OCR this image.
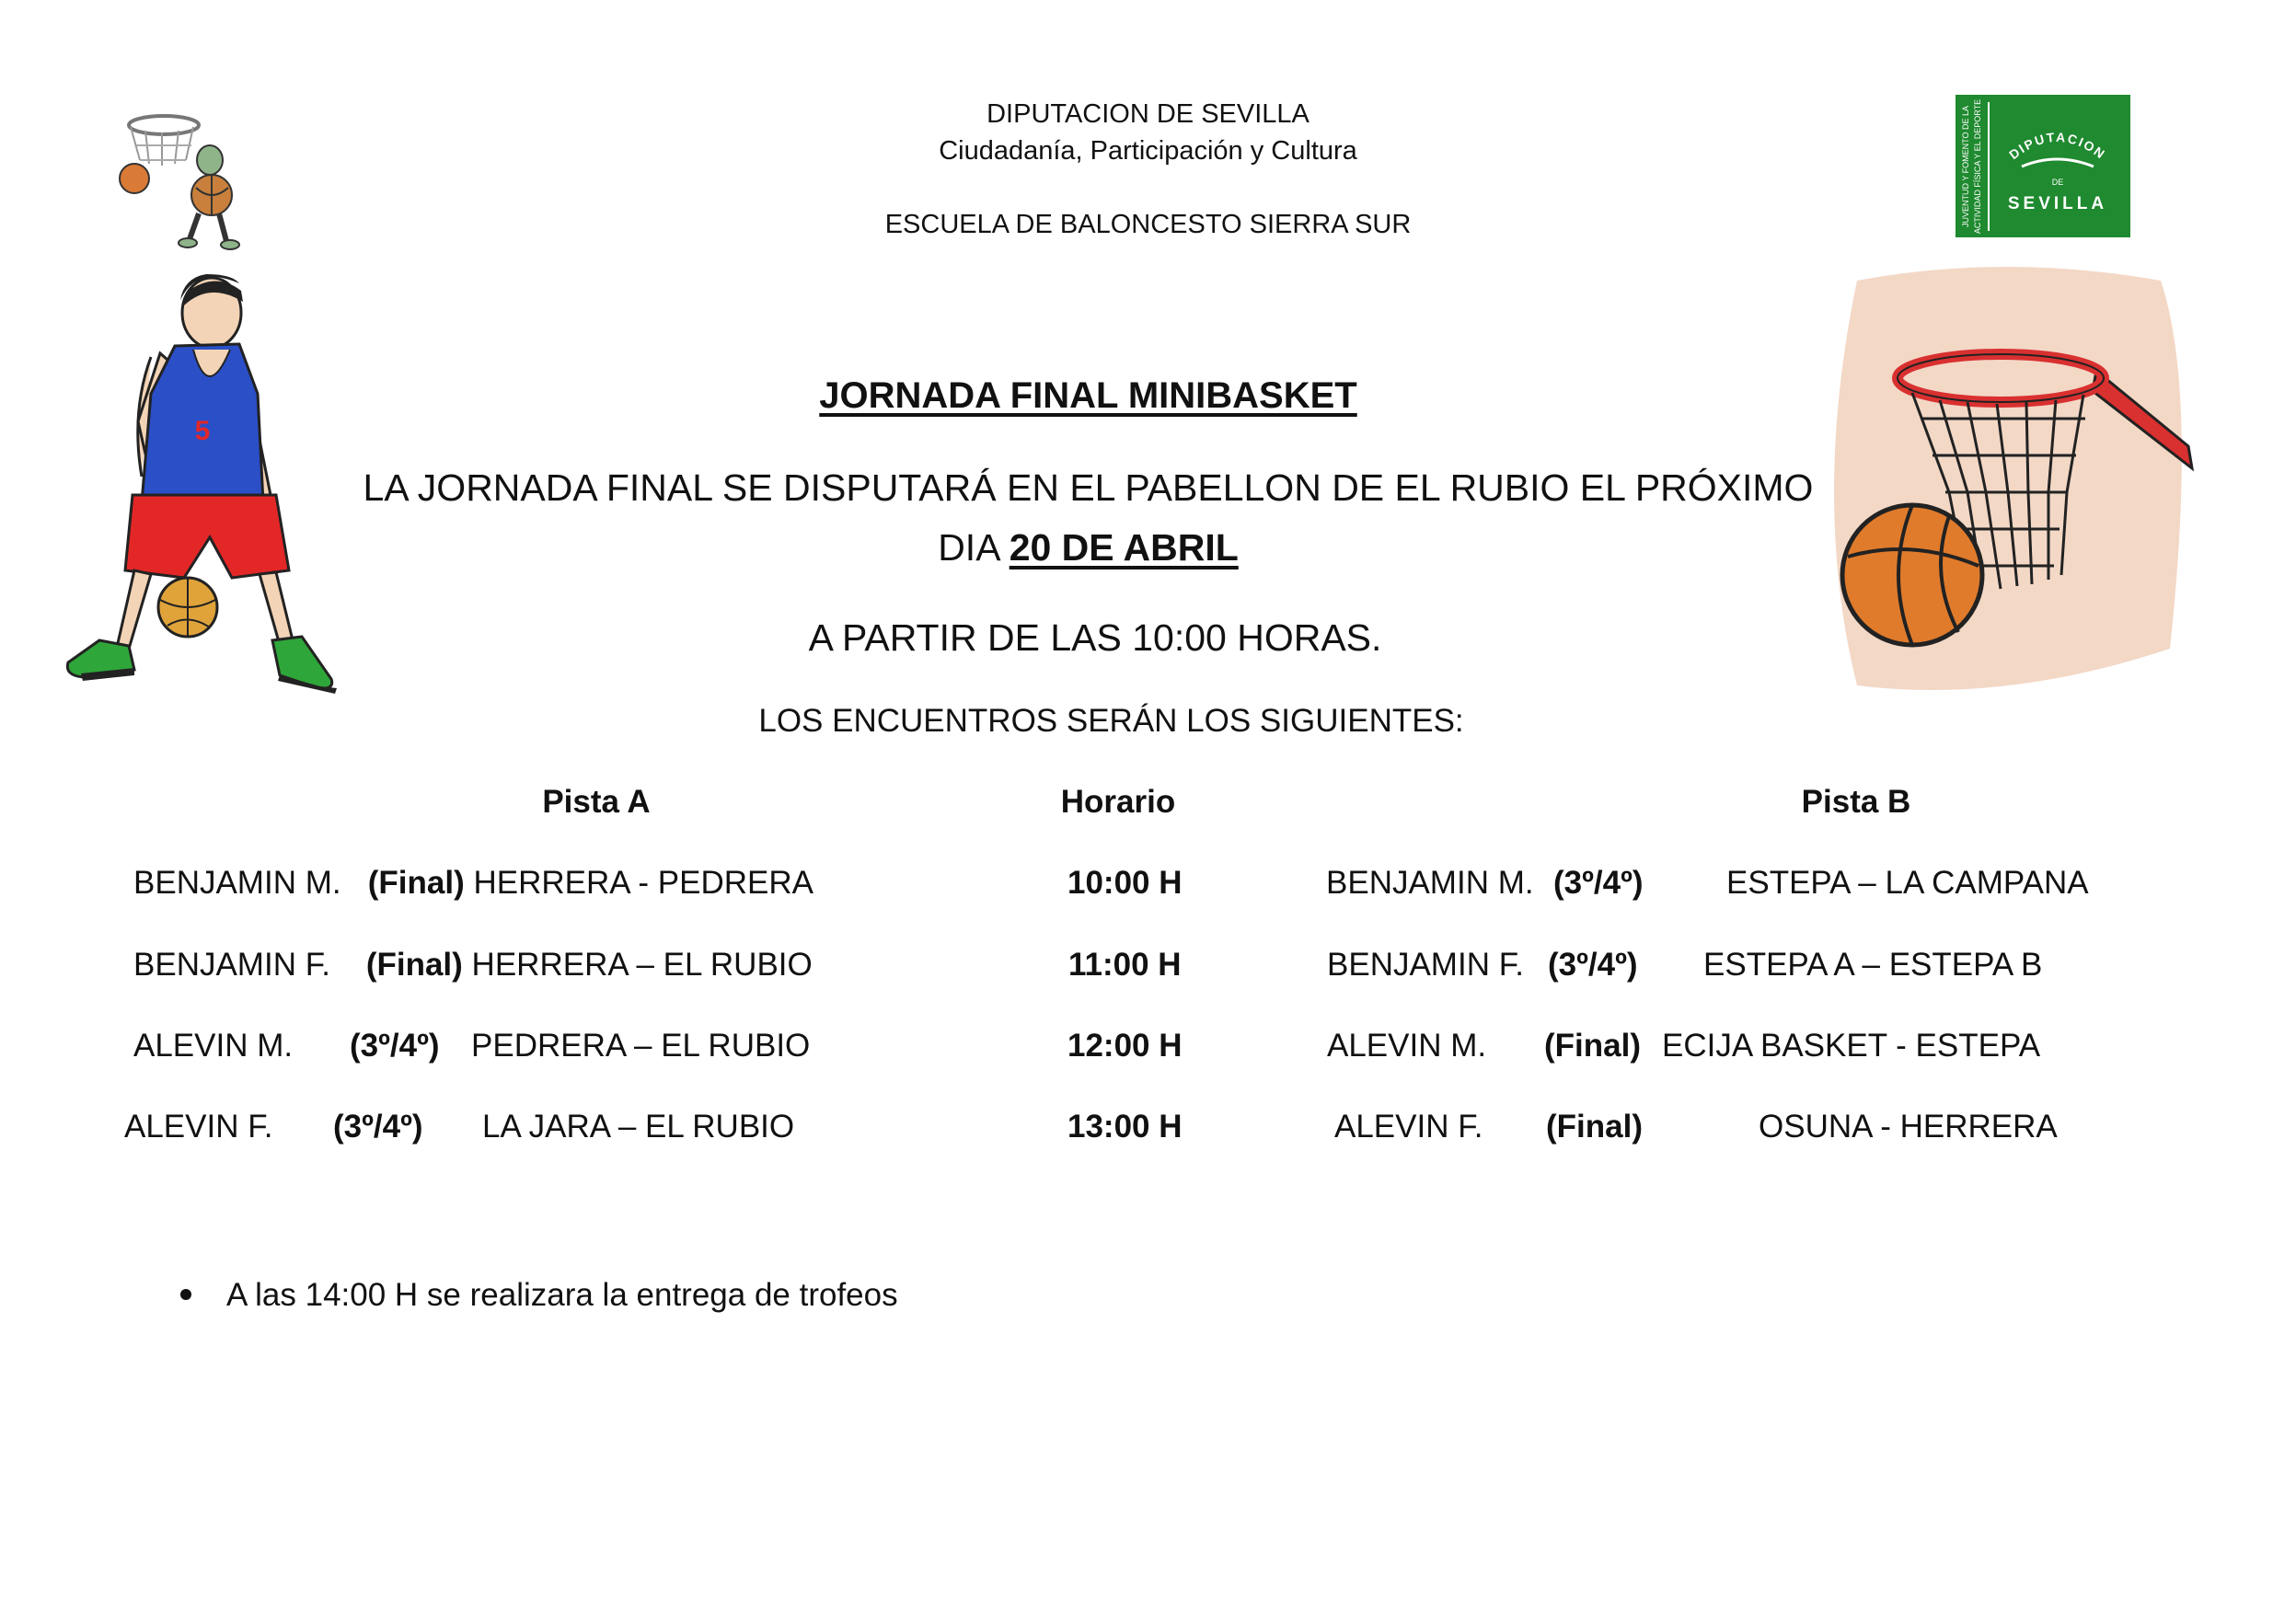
DIPUTACION DE SEVILLA
Ciudadanía, Participación y Cultura
ESCUELA DE BALONCESTO SIERRA SUR	JUVENTUD Y FOMENTO DE LA ACTIVIDAD FÍSICA Y EL DEPORTE DIPUTACION
DE
SEVILLA
5
JORNADA FINAL MINIBASKET
LA JORNADA FINAL SE DISPUTARÁ EN EL PABELLON DE EL RUBIO EL PRÓXIMO
DIA 20 DE ABRIL
A PARTIR DE LAS 10:00 HORAS.
LOS ENCUENTROS SERÁN LOS SIGUIENTES:
Pista A	Horario	Pista B
BENJAMIN M. (Final) HERRERA - PEDRERA	10:00 H	BENJAMIN M. (3º/4º)	ESTEPA – LA CAMPANA
BENJAMIN F. (Final) HERRERA – EL RUBIO	11:00 H	BENJAMIN F. (3º/4º) ESTEPA A – ESTEPA B
ALEVIN M. (3º/4º) PEDRERA – EL RUBIO	12:00 H	ALEVIN M. (Final) ECIJA BASKET - ESTEPA
ALEVIN F. (3º/4º) LA JARA – EL RUBIO	13:00 H	ALEVIN F. (Final)	OSUNA - HERRERA
A las 14:00 H se realizara la entrega de trofeos
